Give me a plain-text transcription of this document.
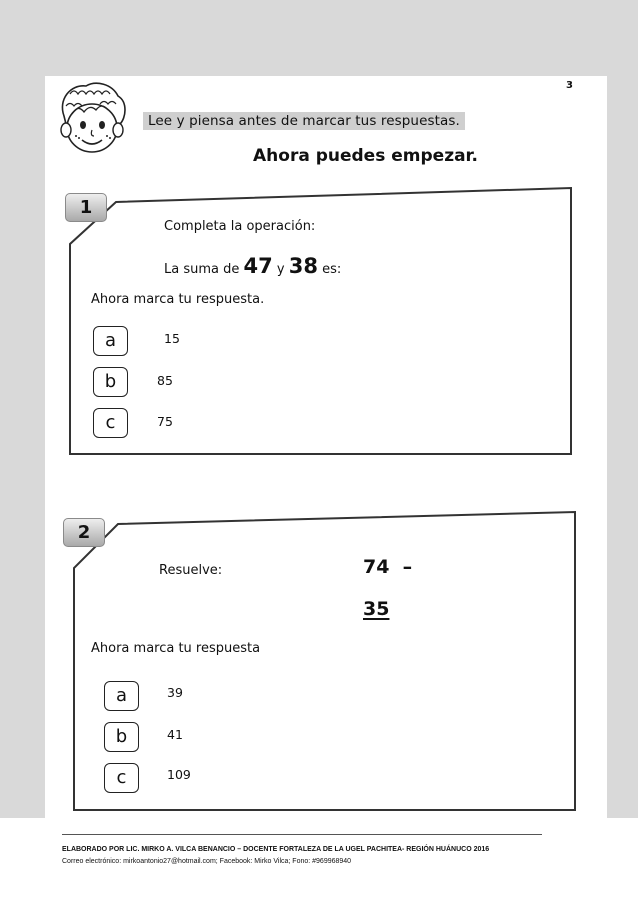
3
Lee y piensa antes de marcar tus respuestas.
Ahora puedes empezar.
1
Completa la operación:
La suma de 47 y 38 es:
Ahora marca tu respuesta.
a	15
b	85
c	75
2
Resuelve:	74  –
35
Ahora marca tu respuesta
a	39
b	41
c	109
ELABORADO POR LIC. MIRKO A. VILCA BENANCIO – DOCENTE FORTALEZA DE LA UGEL PACHITEA- REGIÓN HUÁNUCO 2016
Correo electrónico: mirkoantonio27@hotmail.com; Facebook: Mirko Vilca; Fono: #969968940
